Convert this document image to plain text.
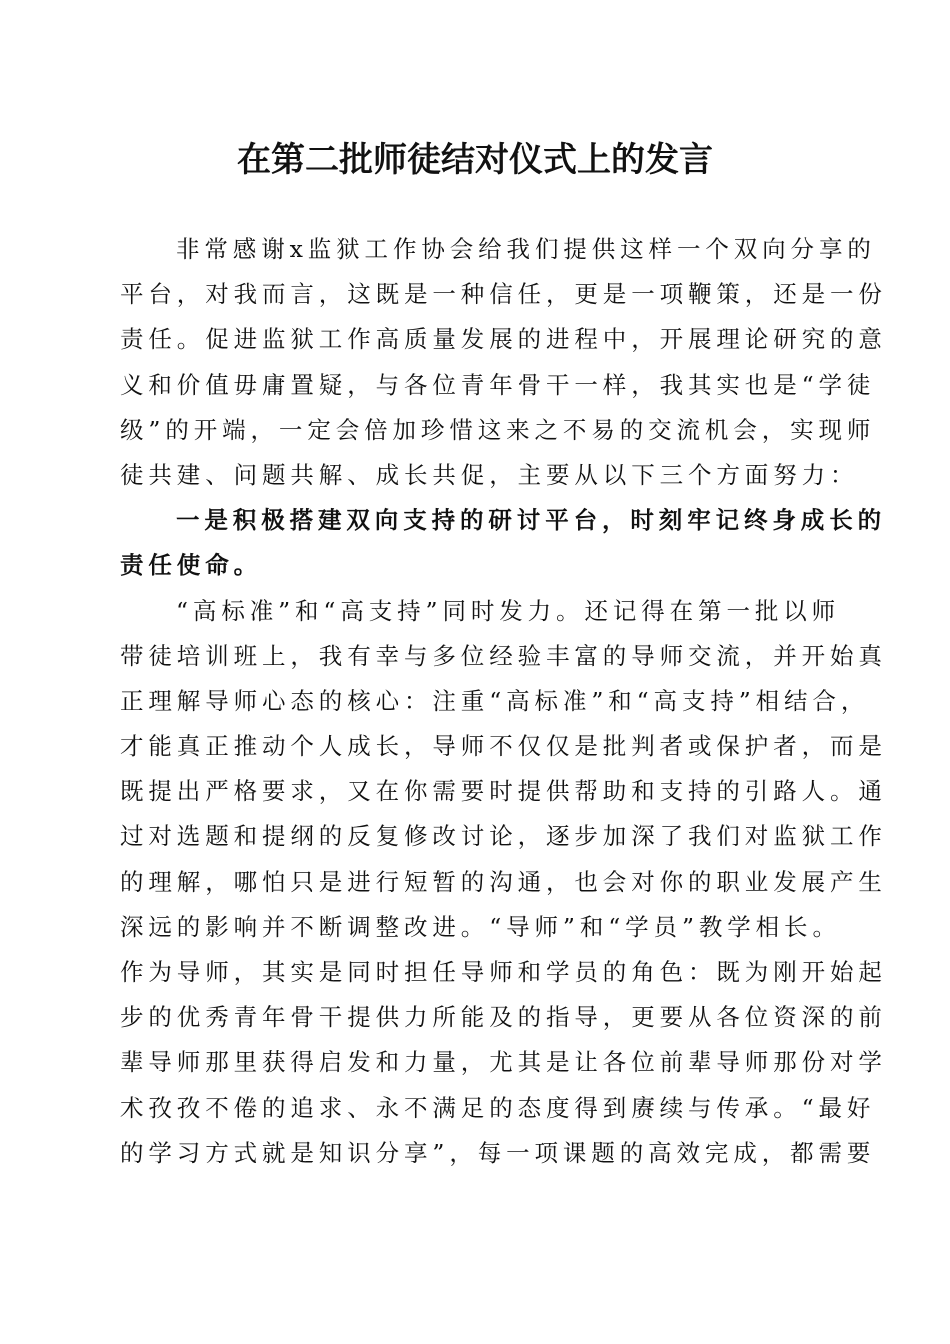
在第二批师徒结对仪式上的发言
非常感谢x监狱工作协会给我们提供这样一个双向分享的
平台，对我而言，这既是一种信任，更是一项鞭策，还是一份
责任。促进监狱工作高质量发展的进程中，开展理论研究的意
义和价值毋庸置疑，与各位青年骨干一样，我其实也是“学徒
级”的开端，一定会倍加珍惜这来之不易的交流机会，实现师
徒共建、问题共解、成长共促，主要从以下三个方面努力：
一是积极搭建双向支持的研讨平台，时刻牢记终身成长的
责任使命。
“高标准”和“高支持”同时发力。还记得在第一批以师
带徒培训班上，我有幸与多位经验丰富的导师交流，并开始真
正理解导师心态的核心：注重“高标准”和“高支持”相结合，
才能真正推动个人成长，导师不仅仅是批判者或保护者，而是
既提出严格要求，又在你需要时提供帮助和支持的引路人。通
过对选题和提纲的反复修改讨论，逐步加深了我们对监狱工作
的理解，哪怕只是进行短暂的沟通，也会对你的职业发展产生
深远的影响并不断调整改进。“导师”和“学员”教学相长。
作为导师，其实是同时担任导师和学员的角色：既为刚开始起
步的优秀青年骨干提供力所能及的指导，更要从各位资深的前
辈导师那里获得启发和力量，尤其是让各位前辈导师那份对学
术孜孜不倦的追求、永不满足的态度得到赓续与传承。“最好
的学习方式就是知识分享”，每一项课题的高效完成，都需要
